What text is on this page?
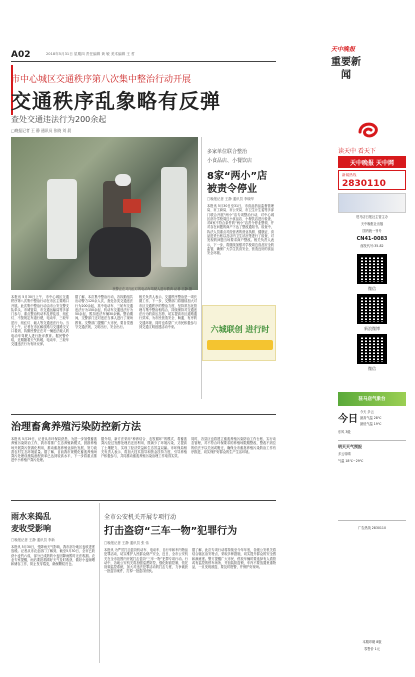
A02	2018年5月31日 星期四 责任编辑 黄 敏 美术编辑 王 哲
市中心城区交通秩序第八次集中整治行动开展
交通秩序乱象略有反弹
查处交通违法行为200余起
□晚报记者 王 静 通讯员 张晓 刘 晨
民警正在对闯红灯的电动车驾驶人进行教育 记者 王静 摄
本报讯 5月30日上午，市中心城区交通秩序第八次集中整治行动在市区主要路口开展。此次集中整治行动由市公安交警支队牵头，市城管局、市交通运输局等多部门参与，重点整治机动车乱停乱放、闯红灯、不按规定车道行驶，电动车、三轮车逆行、闯红灯、载人等交通违法行为。当天上午，记者在市区解放路与交通路交叉口看到，执勤民警正在对一辆违法载人的电动车驾驶人进行批评教育。据民警介绍，近期随着天气转暖，电动车、三轮车交通违法行为有所反弹。
据了解，本次集中整治行动，各执勤组共出动警力120余人次，查处各类交通违法行为200余起，其中电动车、三轮车交通违法行为150余起，机动车交通违法行为50余起，暂扣违法车辆30余辆。整治期间，交警部门还对违法当事人进行了现场教育。交警部门提醒广大市民，要自觉遵守交通法规，文明出行，安全出行。
相关负责人表示，交通秩序整治是一项长期工作，下一步，交警部门将继续加大对市区交通秩序的整治力度，坚持常态化管理与集中整治相结合，持续保持对交通违法行为的高压态势，切实提高市区道路通行效率，为市民营造安全、畅通、有序的交通环境，同时也希望广大市民积极参与到交通文明创建活动中来。
多家单位联合整治
小食品店、小餐饮店
8家“两小”店
被责令停业
□晚报记者 王静 通讯员 李晓华
本报讯 5月30日至31日，市食品药品监督管理局、市工商局、市公安局、市卫生计生委等多部门联合开展“两小”店专项整治行动，对中心城区部分学校周边小食品店、小餐饮店进行检查，对8家不符合条件的“两小”店责令停业整顿，并对存在问题的商户下达了整改通知书。检查中，执法人员重点对经营者的营业执照、健康证、食品进货台账以及店内卫生状况等进行了检查，对发现的问题当场要求商户整改。相关负责人表示，下一步，将继续加强对学校周边食品安全的监管，确保广大学生饮食安全，营造良好的食品安全环境。
六城联创 进行时
治理畜禽养殖污染防控新方法
本报讯 5月29日，记者从市环保局获悉，为进一步加强畜禽养殖污染防治工作，我市将推广生态养殖新模式，鼓励养殖场开展粪污资源化利用，推动畜禽养殖业绿色发展，努力改善农村生态环境质量。据了解，目前我市规模化畜禽养殖场粪污处理设施装备配套率已达到较高水平，下一步将重点推进中小养殖户粪污处理。
据介绍，新方法采用“种养结合、农牧循环”的模式，将畜禽粪污经过发酵处理后还田利用，既减少了环境污染，又提高了土壤肥力，实现了经济效益和生态效益双赢。市环保局相关负责人表示，将加大技术指导和资金扶持力度，引导养殖户积极参与，共同推动畜禽养殖污染治理工作取得实效。
同时，各县区也将建立畜禽养殖污染防治工作台账，实行动态管理，对不符合环保要求的养殖场限期整改，整改不到位的依法予以关闭或搬迁，确保全市畜禽养殖污染防治工作有序推进，切实保护好群众的生产生活环境。
雨水来捣乱
麦收受影响
□晚报记者 王静 通讯员 李新
本报讯 5月30日，受降雨天气影响，我市部分地区麦收进度放缓。记者从市农业部门了解到，截至5月30日，全市已收获小麦约六成，部分已成熟的小麦因降雨暂时无法收割。农业专家提醒，雨后要抢抓晴好天气及时收获，做好小麦晾晒和储存工作，防止发芽霉变，确保颗粒归仓。
全市公安机关开展专项行动
打击盗窃“三车一物”犯罪行为
□晚报记者 王静 通讯员 张 伟
本报讯 为严厉打击盗窃机动车、电动车、自行车和车内物品犯罪活动，切实维护人民群众财产安全，近日，全市公安机关在全市范围内开展打击盗窃“三车一物”犯罪专项行动。行动中，各地公安机关将加强巡逻防控，强化街面控制，依托视频监控系统，加大对违法犯罪活动的打击力度，力争破获一批盗窃案件，打掉一批盗窃团伙。
据了解，此次专项行动将持续至今年年底，各级公安机关将结合辖区治安特点，采取多种措施，切实提升群众的安全感和满意度。警方提醒广大市民，停放车辆时要选择有人看管或有监控的停车场所，并加装防盗锁，车内不要放置贵重物品，一旦发现被盗，要及时报警，并保护好现场。
天中晚报
重要新闻
读天中 看天下
天中晚报 天中网
新闻热线
2830110
驻马店日报社主管主办
天中晚报社出版
国内统一刊号
CN41-0083
邮发代号:35-82
微信
新浪微博
微信
驻马店气象台
今日
今天 多云
最高气温 28℃
最低气温 19℃
东风 3级
明天天气预报
多云转晴
气温 18℃~29℃
广告热线 2830110
本期印刷 8版
零售价 1元
